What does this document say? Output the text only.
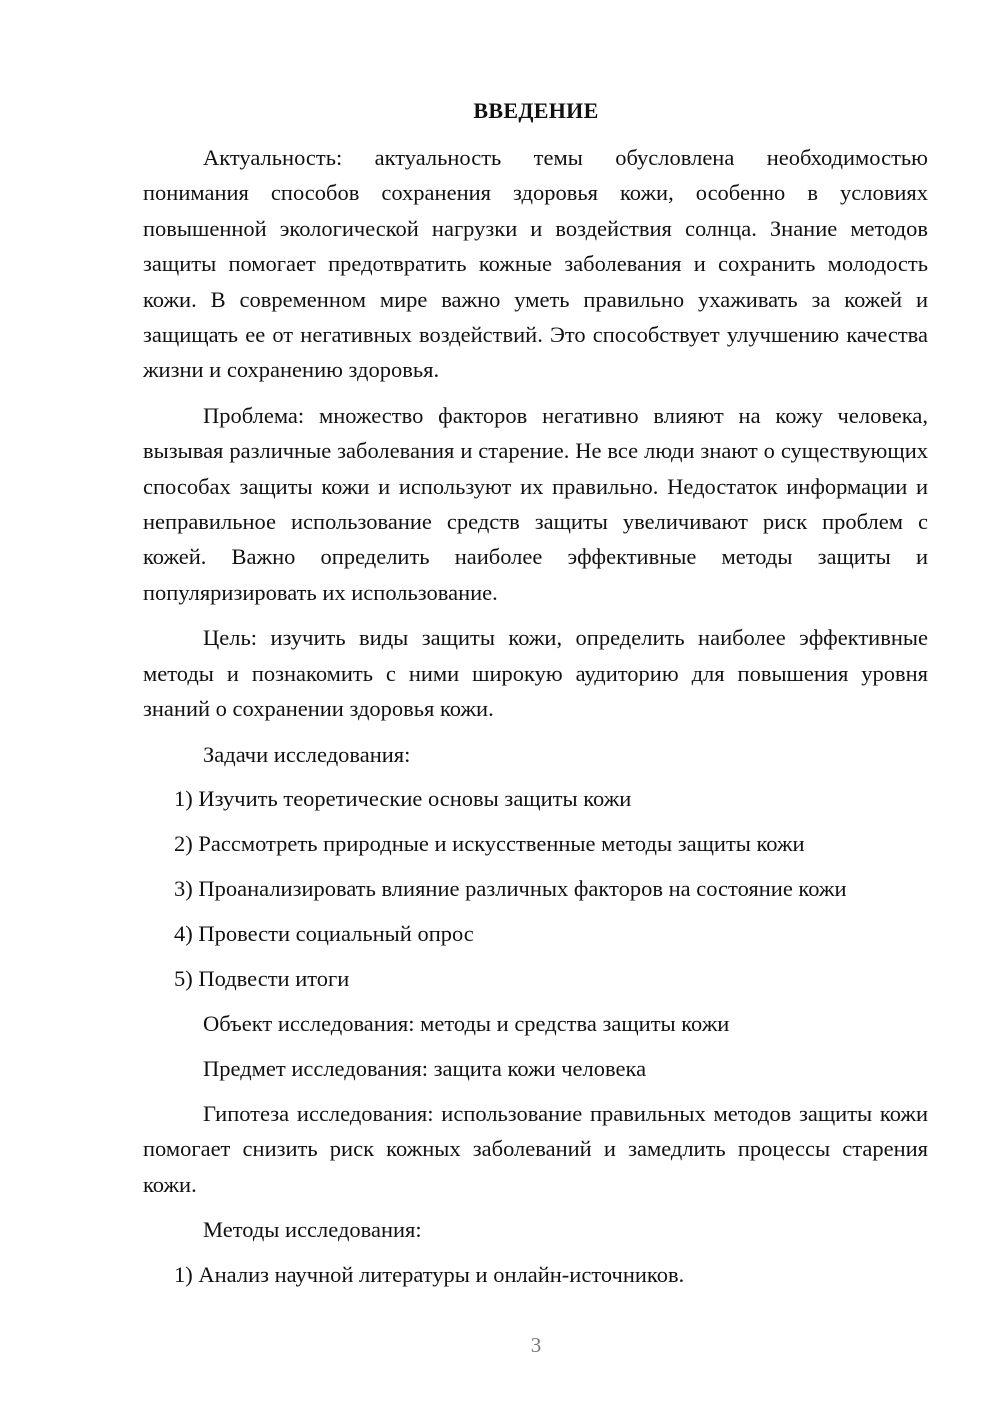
ВВЕДЕНИЕ

Актуальность: актуальность темы обусловлена необходимостью понимания способов сохранения здоровья кожи, особенно в условиях повышенной экологической нагрузки и воздействия солнца. Знание методов защиты помогает предотвратить кожные заболевания и сохранить молодость кожи. В современном мире важно уметь правильно ухаживать за кожей и защищать ее от негативных воздействий. Это способствует улучшению качества жизни и сохранению здоровья.

Проблема: множество факторов негативно влияют на кожу человека, вызывая различные заболевания и старение. Не все люди знают о существующих способах защиты кожи и используют их правильно. Недостаток информации и неправильное использование средств защиты увеличивают риск проблем с кожей. Важно определить наиболее эффективные методы защиты и популяризировать их использование.

Цель: изучить виды защиты кожи, определить наиболее эффективные методы и познакомить с ними широкую аудиторию для повышения уровня знаний о сохранении здоровья кожи.

Задачи исследования:

1) Изучить теоретические основы защиты кожи
2) Рассмотреть природные и искусственные методы защиты кожи
3) Проанализировать влияние различных факторов на состояние кожи
4) Провести социальный опрос
5) Подвести итоги

Объект исследования: методы и средства защиты кожи

Предмет исследования: защита кожи человека

Гипотеза исследования: использование правильных методов защиты кожи помогает снизить риск кожных заболеваний и замедлить процессы старения кожи.

Методы исследования:

1) Анализ научной литературы и онлайн-источников.
3
